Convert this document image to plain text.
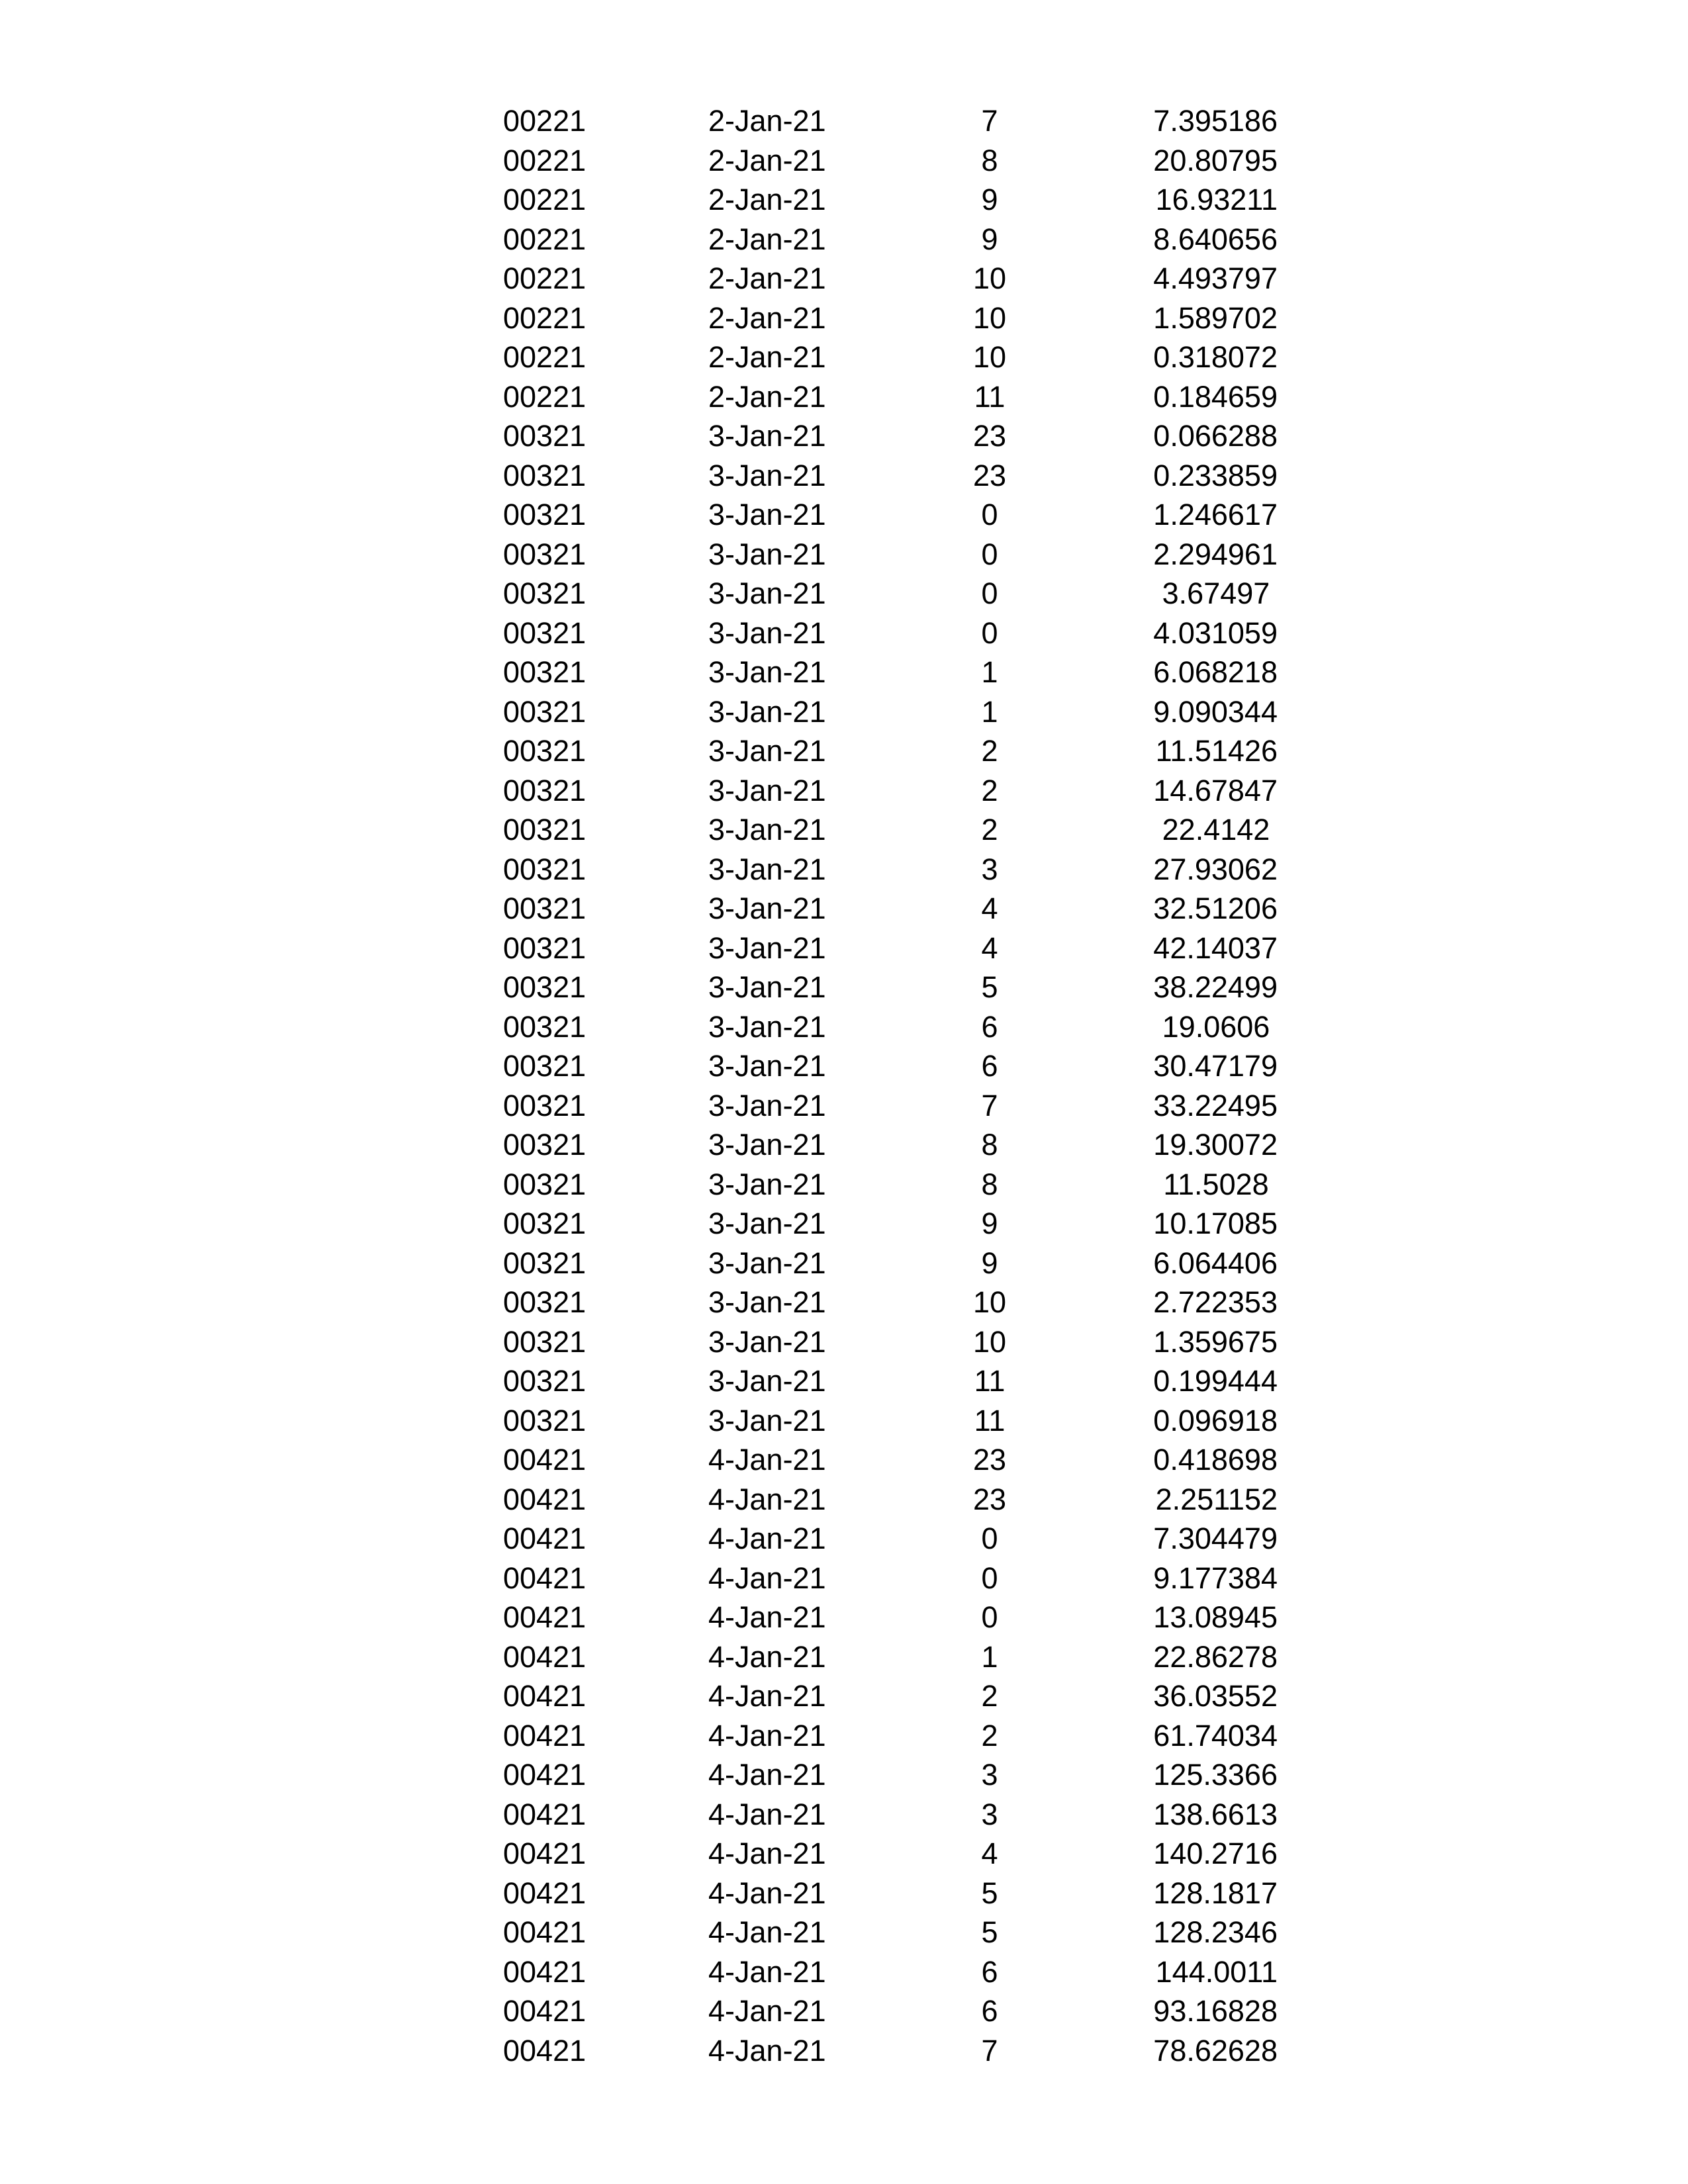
00221	2-Jan-21	7	7.395186
00221	2-Jan-21	8	20.80795
00221	2-Jan-21	9	16.93211
00221	2-Jan-21	9	8.640656
00221	2-Jan-21	10	4.493797
00221	2-Jan-21	10	1.589702
00221	2-Jan-21	10	0.318072
00221	2-Jan-21	11	0.184659
00321	3-Jan-21	23	0.066288
00321	3-Jan-21	23	0.233859
00321	3-Jan-21	0	1.246617
00321	3-Jan-21	0	2.294961
00321	3-Jan-21	0	3.67497
00321	3-Jan-21	0	4.031059
00321	3-Jan-21	1	6.068218
00321	3-Jan-21	1	9.090344
00321	3-Jan-21	2	11.51426
00321	3-Jan-21	2	14.67847
00321	3-Jan-21	2	22.4142
00321	3-Jan-21	3	27.93062
00321	3-Jan-21	4	32.51206
00321	3-Jan-21	4	42.14037
00321	3-Jan-21	5	38.22499
00321	3-Jan-21	6	19.0606
00321	3-Jan-21	6	30.47179
00321	3-Jan-21	7	33.22495
00321	3-Jan-21	8	19.30072
00321	3-Jan-21	8	11.5028
00321	3-Jan-21	9	10.17085
00321	3-Jan-21	9	6.064406
00321	3-Jan-21	10	2.722353
00321	3-Jan-21	10	1.359675
00321	3-Jan-21	11	0.199444
00321	3-Jan-21	11	0.096918
00421	4-Jan-21	23	0.418698
00421	4-Jan-21	23	2.251152
00421	4-Jan-21	0	7.304479
00421	4-Jan-21	0	9.177384
00421	4-Jan-21	0	13.08945
00421	4-Jan-21	1	22.86278
00421	4-Jan-21	2	36.03552
00421	4-Jan-21	2	61.74034
00421	4-Jan-21	3	125.3366
00421	4-Jan-21	3	138.6613
00421	4-Jan-21	4	140.2716
00421	4-Jan-21	5	128.1817
00421	4-Jan-21	5	128.2346
00421	4-Jan-21	6	144.0011
00421	4-Jan-21	6	93.16828
00421	4-Jan-21	7	78.62628
